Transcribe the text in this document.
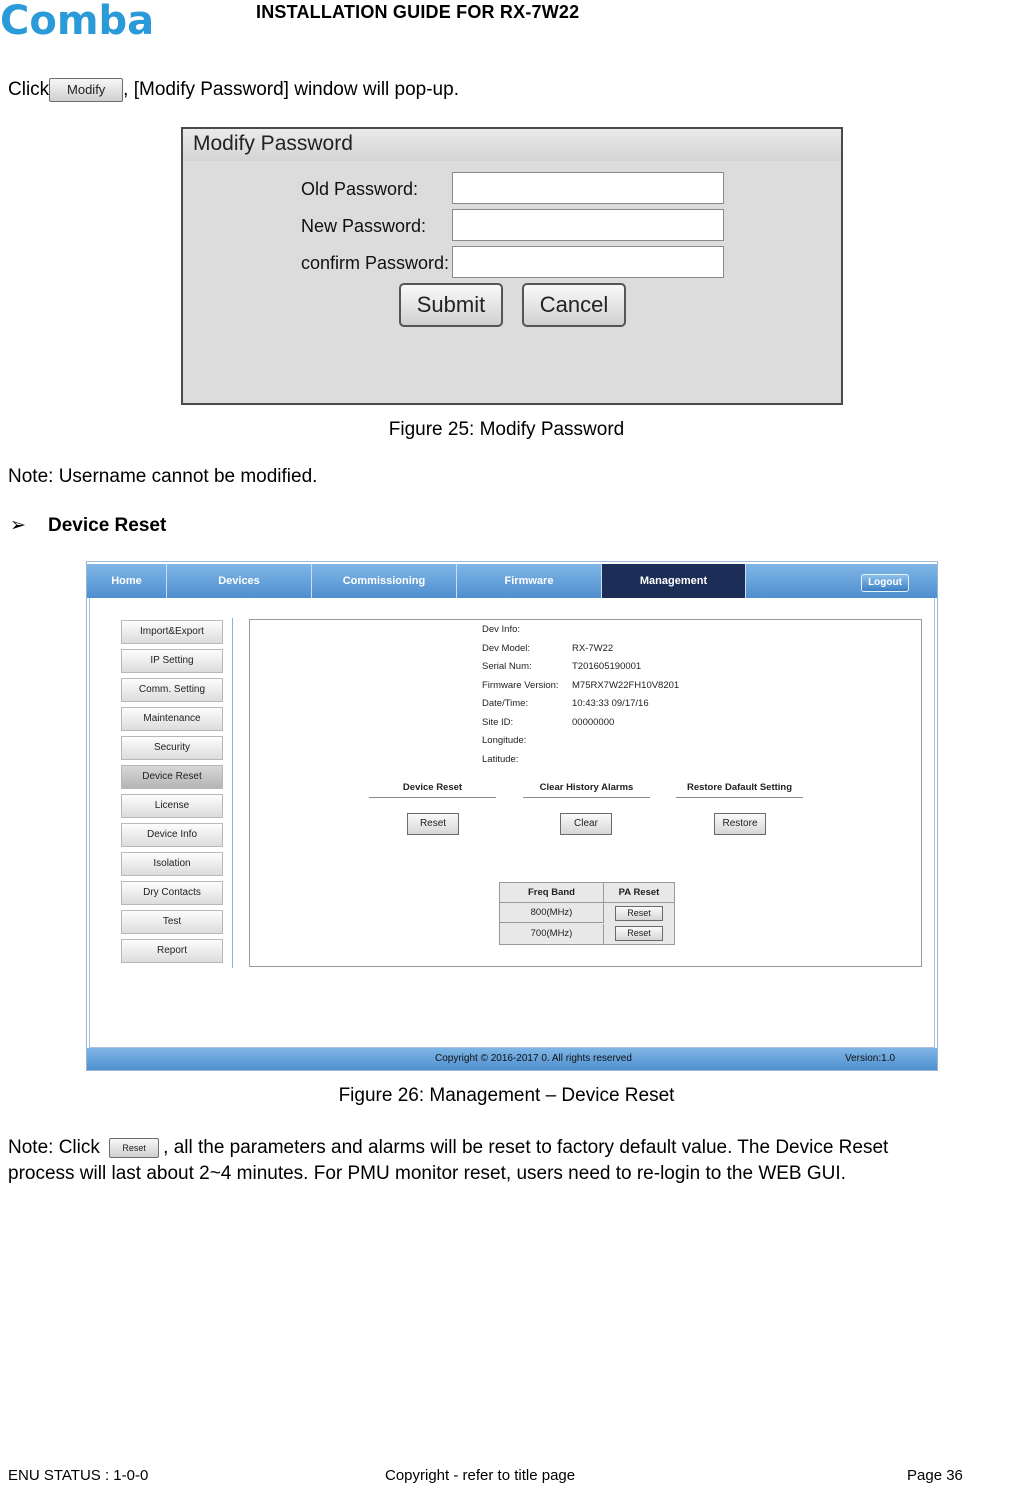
Comba	INSTALLATION GUIDE FOR RX-7W22
Click Modify , [Modify Password] window will pop-up.
Modify Password
Old Password:
New Password:
confirm Password:
Submit	Cancel
Figure 25: Modify Password
Note: Username cannot be modified.
➢ Device Reset
Home	Devices	Commissioning	Firmware	Management	Logout
Import&Export
IP Setting
Comm. Setting
Maintenance
Security
Device Reset
License
Device Info
Isolation
Dry Contacts
Test
Report
Dev Info:
Dev Model:	RX-7W22
Serial Num:	T201605190001
Firmware Version: M75RX7W22FH10V8201
Date/Time:	10:43:33 09/17/16
Site ID:	00000000
Longitude:
Latitude:
Device Reset
Reset
Clear History Alarms
Clear
Restore Dafault Setting
Restore
Freq Band	PA Reset
800(MHz)	Reset
700(MHz)	Reset
Copyright © 2016-2017 0. All rights reserved	Version:1.0
Figure 26: Management – Device Reset
Note: Click Reset , all the parameters and alarms will be reset to factory default value. The Device Reset
process will last about 2~4 minutes. For PMU monitor reset, users need to re-login to the WEB GUI.
ENU STATUS : 1-0-0	Copyright - refer to title page	Page 36
